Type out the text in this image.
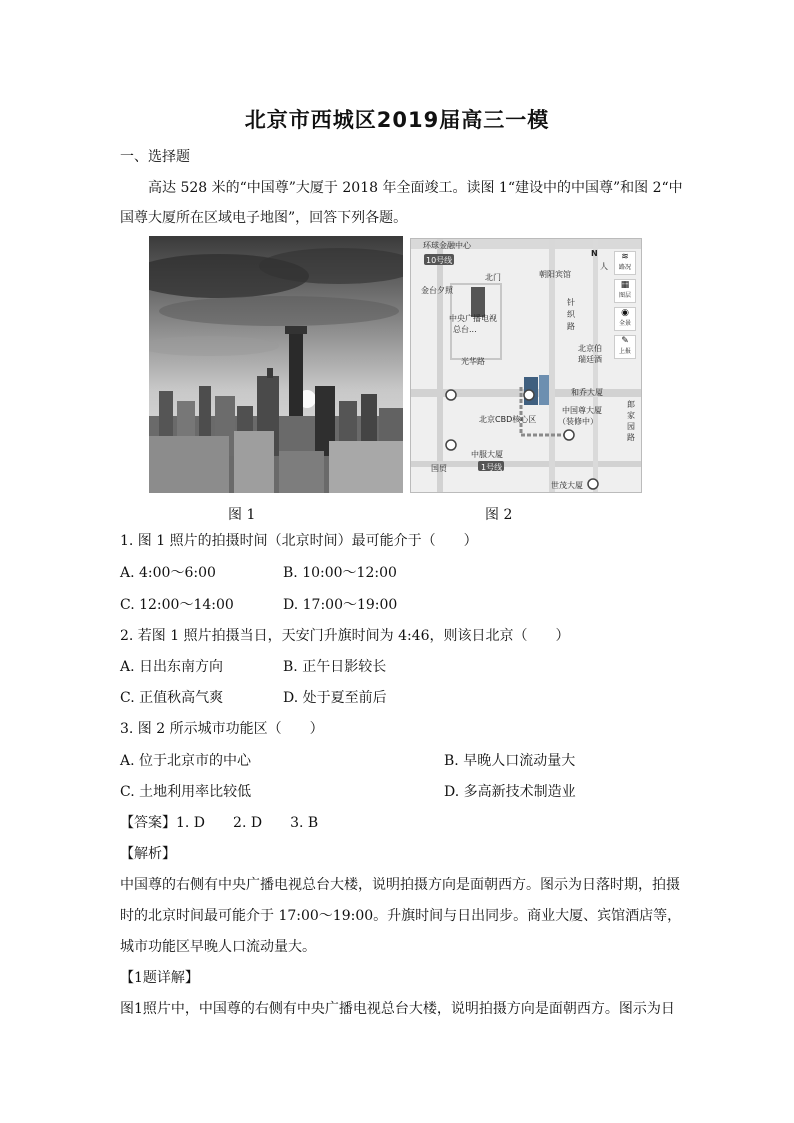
北京市西城区2019届高三一模
一、选择题
高达 528 米的“中国尊”大厦于 2018 年全面竣工。读图 1“建设中的中国尊”和图 2“中
国尊大厦所在区域电子地图”，回答下列各题。
环球金融中心
10号线
北门	朝阳宾馆
金台夕照
中央广播电视
总台...
针
织
路
光华路
北京伯
瑞廷酒
和乔大厦
中国尊大厦
（装修中）
北京CBD核心区
郎
家
园
路
中服大厦
国贸	1号线
世茂大厦
N
人
≋
路况
▦
图层
◉
全景
✎
上报
图 1	图 2
1. 图 1 照片的拍摄时间（北京时间）最可能介于（　　）
A. 4:00～6:00	B. 10:00～12:00
C. 12:00～14:00	D. 17:00～19:00
2. 若图 1 照片拍摄当日，天安门升旗时间为 4:46，则该日北京（　　）
A. 日出东南方向	B. 正午日影较长
C. 正值秋高气爽	D. 处于夏至前后
3. 图 2 所示城市功能区（　　）
A. 位于北京市的中心	B. 早晚人口流动量大
C. 土地利用率比较低	D. 多高新技术制造业
【答案】1. D　　2. D　　3. B
【解析】
中国尊的右侧有中央广播电视总台大楼，说明拍摄方向是面朝西方。图示为日落时期，拍摄
时的北京时间最可能介于 17:00～19:00。升旗时间与日出同步。商业大厦、宾馆酒店等，
城市功能区早晚人口流动量大。
【1题详解】
图1照片中，中国尊的右侧有中央广播电视总台大楼，说明拍摄方向是面朝西方。图示为日
